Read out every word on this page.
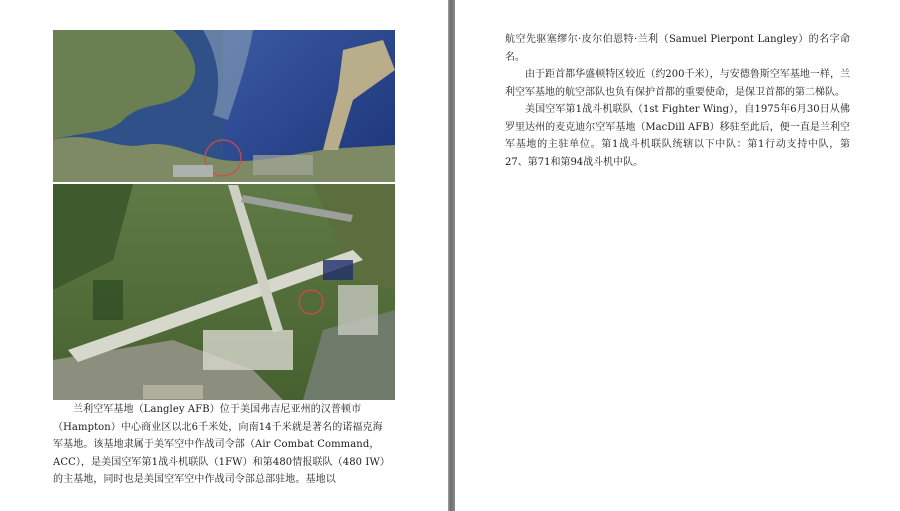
兰利空军基地（Langley AFB）位于美国弗吉尼亚州的汉普顿市（Hampton）中心商业区以北6千米处，向南14千米就是著名的诺福克海军基地。该基地隶属于美军空中作战司令部（Air Combat Command，ACC），是美国空军第1战斗机联队（1FW）和第480情报联队（480 IW）的主基地，同时也是美国空军空中作战司令部总部驻地。基地以

航空先驱塞缪尔·皮尔伯恩特·兰利（Samuel Pierpont Langley）的名字命名。

由于距首都华盛顿特区较近（约200千米），与安德鲁斯空军基地一样，兰利空军基地的航空部队也负有保护首都的重要使命，是保卫首都的第二梯队。

美国空军第1战斗机联队（1st Fighter Wing），自1975年6月30日从佛罗里达州的麦克迪尔空军基地（MacDill AFB）移驻至此后，便一直是兰利空军基地的主驻单位。第1战斗机联队统辖以下中队：第1行动支持中队，第27、第71和第94战斗机中队。
